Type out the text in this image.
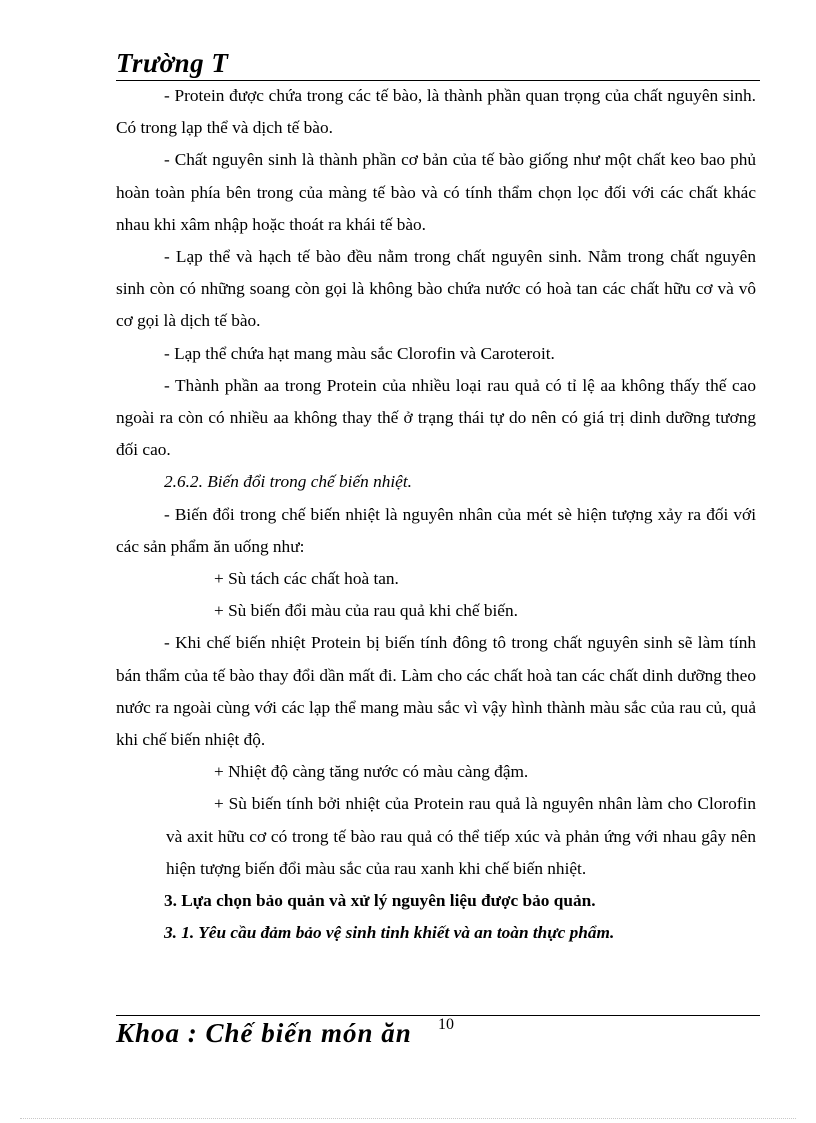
Trường T

- Protein được chứa trong các tế bào, là thành phần quan trọng của chất nguyên sinh. Có trong lạp thể và dịch tế bào.

- Chất nguyên sinh là thành phần cơ bản của tế bào giống như một chất keo bao phủ hoàn toàn phía bên trong của màng tế bào và có tính thẩm chọn lọc đối với các chất khác nhau khi xâm nhập hoặc thoát ra khái tế bào.

- Lạp thể và hạch tế bào đều nằm trong chất nguyên sinh. Nằm trong chất nguyên sinh còn có những soang còn gọi là không bào chứa nước có hoà tan các chất hữu cơ và vô cơ gọi là dịch tế bào.

- Lạp thể chứa hạt mang màu sắc Clorofin và Caroteroit.

- Thành phần aa trong Protein của nhiều loại rau quả có tỉ lệ aa không thấy thế cao ngoài ra còn có nhiều aa không thay thế ở trạng thái tự do nên có giá trị dinh dưỡng tương đối cao.

2.6.2. Biến đổi trong chế biến nhiệt.

- Biến đổi trong chế biến nhiệt là nguyên nhân của mét sè hiện tượng xảy ra đối với các sản phẩm ăn uống như:

+ Sù tách các chất hoà tan.

+ Sù biến đổi màu của rau quả khi chế biến.

- Khi chế biến nhiệt Protein bị biến tính đông tô trong chất nguyên sinh sẽ làm tính bán thẩm của tế bào thay đổi dần mất đi. Làm cho các chất hoà tan các chất dinh dưỡng theo nước ra ngoài cùng với các lạp thể mang màu sắc vì vậy hình thành màu sắc của rau củ, quả khi chế biến nhiệt độ.

+ Nhiệt độ càng tăng nước có màu càng đậm.

+ Sù biến tính bởi nhiệt của Protein rau quả là nguyên nhân làm cho Clorofin và axit hữu cơ có trong tế bào rau quả có thể tiếp xúc và phản ứng với nhau gây nên hiện tượng biến đổi màu sắc của rau xanh khi chế biến nhiệt.

3. Lựa chọn bảo quản và xử lý nguyên liệu được bảo quản.

3. 1. Yêu cầu đảm bảo vệ sinh tinh khiết và an toàn thực phẩm.

Khoa : Chế biến món ăn 10
